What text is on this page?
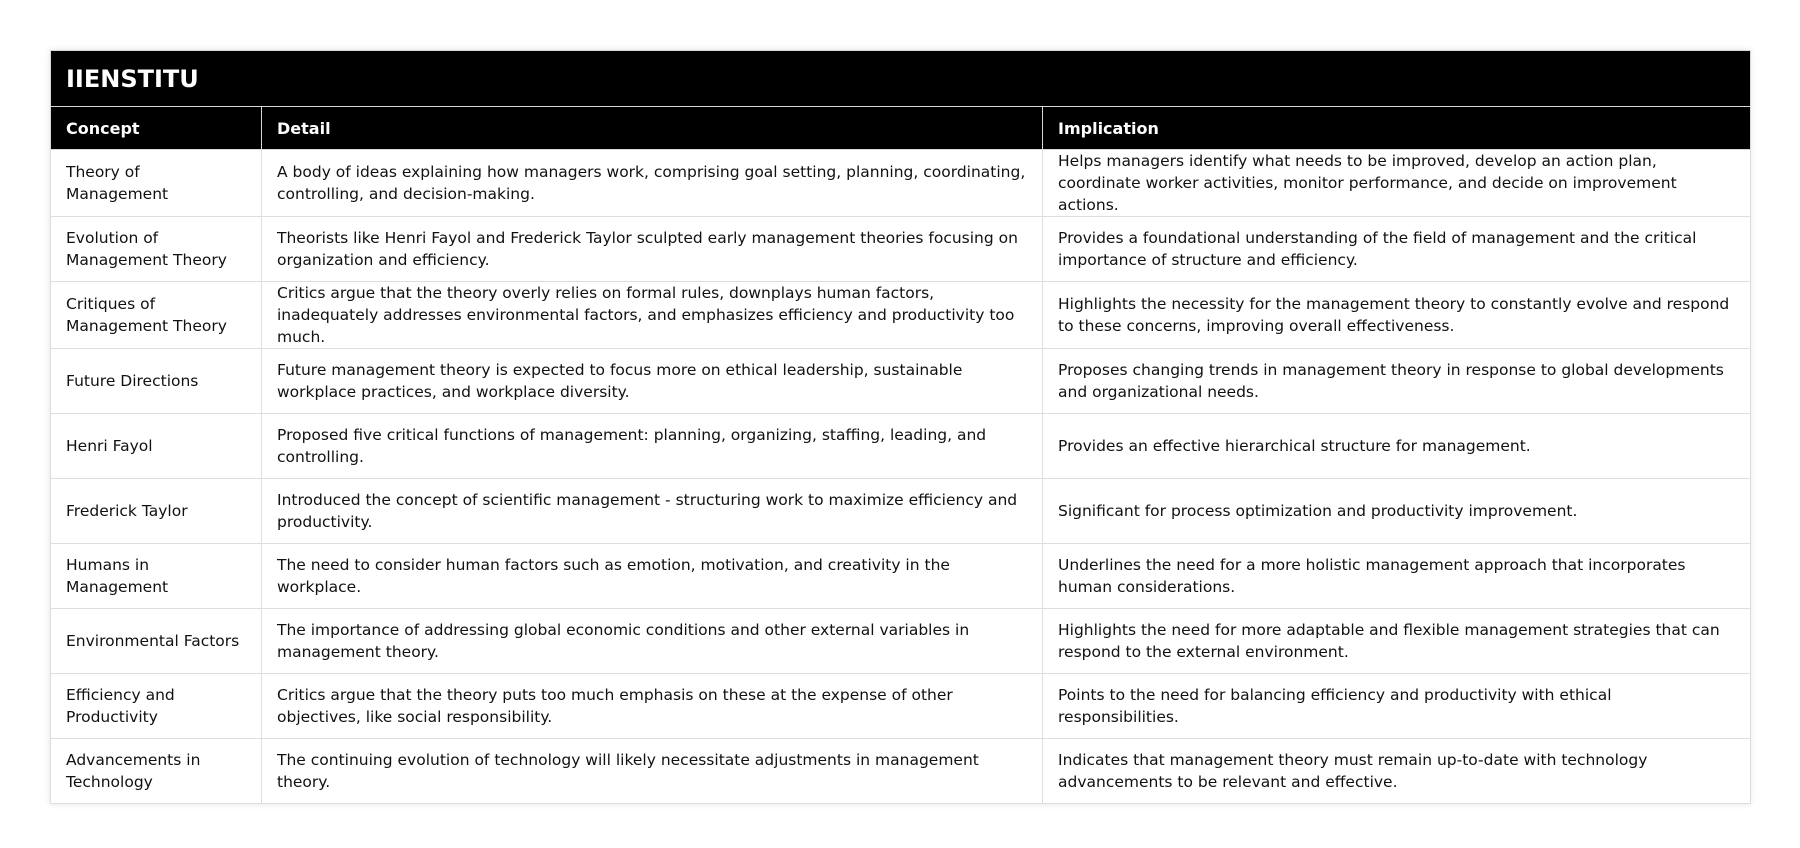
IIENSTITU		
Concept	Detail	Implication
Theory of Management	A body of ideas explaining how managers work, comprising goal setting, planning, coordinating, controlling, and decision-making.	Helps managers identify what needs to be improved, develop an action plan, coordinate worker activities, monitor performance, and decide on improvement actions.
Evolution of Management Theory	Theorists like Henri Fayol and Frederick Taylor sculpted early management theories focusing on organization and efficiency.	Provides a foundational understanding of the field of management and the critical importance of structure and efficiency.
Critiques of Management Theory	Critics argue that the theory overly relies on formal rules, downplays human factors, inadequately addresses environmental factors, and emphasizes efficiency and productivity too much.	Highlights the necessity for the management theory to constantly evolve and respond to these concerns, improving overall effectiveness.
Future Directions	Future management theory is expected to focus more on ethical leadership, sustainable workplace practices, and workplace diversity.	Proposes changing trends in management theory in response to global developments and organizational needs.
Henri Fayol	Proposed five critical functions of management: planning, organizing, staffing, leading, and controlling.	Provides an effective hierarchical structure for management.
Frederick Taylor	Introduced the concept of scientific management - structuring work to maximize efficiency and productivity.	Significant for process optimization and productivity improvement.
Humans in Management	The need to consider human factors such as emotion, motivation, and creativity in the workplace.	Underlines the need for a more holistic management approach that incorporates human considerations.
Environmental Factors	The importance of addressing global economic conditions and other external variables in management theory.	Highlights the need for more adaptable and flexible management strategies that can respond to the external environment.
Efficiency and Productivity	Critics argue that the theory puts too much emphasis on these at the expense of other objectives, like social responsibility.	Points to the need for balancing efficiency and productivity with ethical responsibilities.
Advancements in Technology	The continuing evolution of technology will likely necessitate adjustments in management theory.	Indicates that management theory must remain up-to-date with technology advancements to be relevant and effective.
